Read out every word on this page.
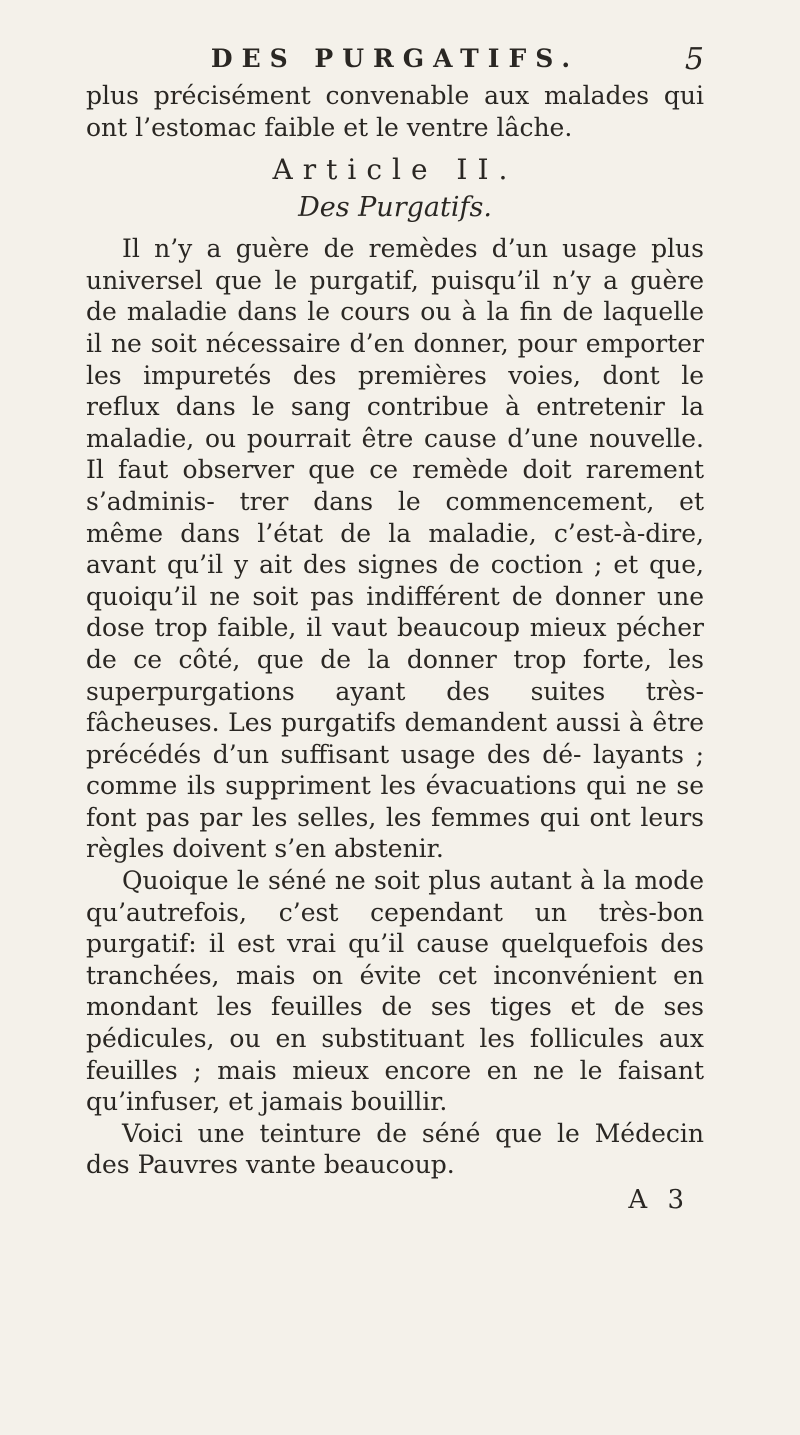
DES PURGATIFS.	5

plus précisément convenable aux malades qui ont l’estomac faible et le ventre lâche.

Article II.
Des Purgatifs.

Il n’y a guère de remèdes d’un usage plus universel que le purgatif, puisqu’il n’y a guère de maladie dans le cours ou à la fin de laquelle il ne soit nécessaire d’en donner, pour emporter les impuretés des premières voies, dont le reflux dans le sang contribue à entretenir la maladie, ou pourrait être cause d’une nouvelle. Il faut observer que ce remède doit rarement s’adminis- trer dans le commencement, et même dans l’état de la maladie, c’est-à-dire, avant qu’il y ait des signes de coction ; et que, quoiqu’il ne soit pas indifférent de donner une dose trop faible, il vaut beaucoup mieux pécher de ce côté, que de la donner trop forte, les superpurgations ayant des suites très-fâcheuses. Les purgatifs demandent aussi à être précédés d’un suffisant usage des dé- layants ; comme ils suppriment les évacuations qui ne se font pas par les selles, les femmes qui ont leurs règles doivent s’en abstenir.

Quoique le séné ne soit plus autant à la mode qu’autrefois, c’est cependant un très-bon purgatif: il est vrai qu’il cause quelquefois des tranchées, mais on évite cet inconvénient en mondant les feuilles de ses tiges et de ses pédicules, ou en substituant les follicules aux feuilles ; mais mieux encore en ne le faisant qu’infuser, et jamais bouillir.

Voici une teinture de séné que le Médecin des Pauvres vante beaucoup.

A 3
